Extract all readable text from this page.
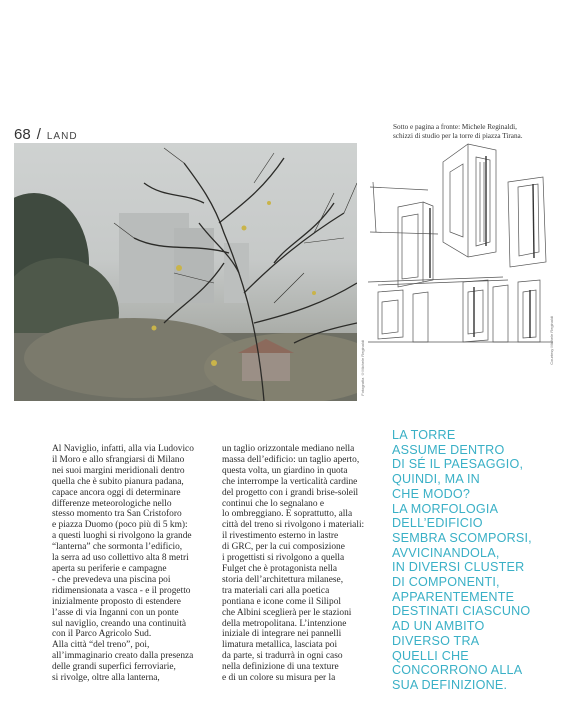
68 / LAND
Fotografia ©Michele Reginaldi
Sotto e pagina a fronte: Michele Reginaldi,
schizzi di studio per la torre di piazza Tirana.
Courtesy Michele Reginaldi
Al Naviglio, infatti, alla via Ludovico
il Moro e allo sfrangiarsi di Milano
nei suoi margini meridionali dentro
quella che è subito pianura padana,
capace ancora oggi di determinare
differenze meteorologiche nello
stesso momento tra San Cristoforo
e piazza Duomo (poco più di 5 km):
a questi luoghi si rivolgono la grande
“lanterna” che sormonta l’edificio,
la serra ad uso collettivo alta 8 metri
aperta su periferie e campagne
- che prevedeva una piscina poi
ridimensionata a vasca - e il progetto
inizialmente proposto di estendere
l’asse di via Inganni con un ponte
sul naviglio, creando una continuità
con il Parco Agricolo Sud.
Alla città “del treno”, poi,
all’immaginario creato dalla presenza
delle grandi superfici ferroviarie,
si rivolge, oltre alla lanterna,
un taglio orizzontale mediano nella
massa dell’edificio: un taglio aperto,
questa volta, un giardino in quota
che interrompe la verticalità cardine
del progetto con i grandi brise-soleil
continui che lo segnalano e
lo ombreggiano. E soprattutto, alla
città del treno si rivolgono i materiali:
il rivestimento esterno in lastre
di GRC, per la cui composizione
i progettisti si rivolgono a quella
Fulget che è protagonista nella
storia dell’architettura milanese,
tra materiali cari alla poetica
pontiana e icone come il Silipol
che Albini sceglierà per le stazioni
della metropolitana. L’intenzione
iniziale di integrare nei pannelli
limatura metallica, lasciata poi
da parte, si tradurrà in ogni caso
nella definizione di una texture
e di un colore su misura per la
LA TORRE
ASSUME DENTRO
DI SÉ IL PAESAGGIO,
QUINDI, MA IN
CHE MODO?
LA MORFOLOGIA
DELL’EDIFICIO
SEMBRA SCOMPORSI,
AVVICINANDOLA,
IN DIVERSI CLUSTER
DI COMPONENTI,
APPARENTEMENTE
DESTINATI CIASCUNO
AD UN AMBITO
DIVERSO TRA
QUELLI CHE
CONCORRONO ALLA
SUA DEFINIZIONE.
